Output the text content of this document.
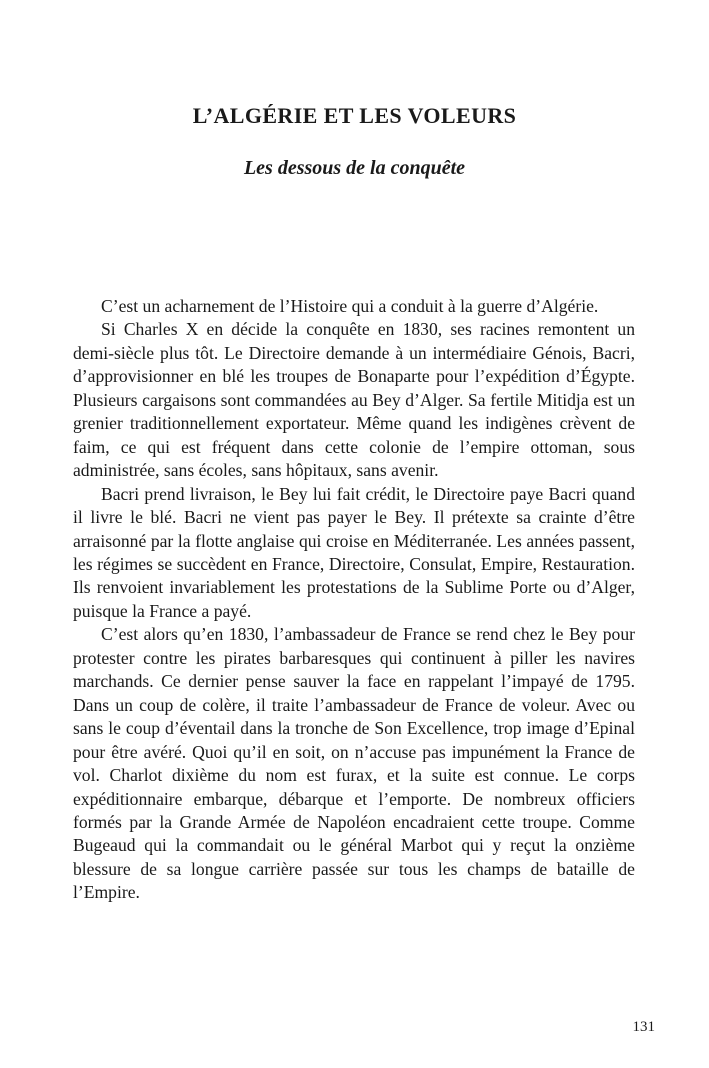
L’ALGÉRIE ET LES VOLEURS
Les dessous de la conquête

C’est un acharnement de l’Histoire qui a conduit à la guerre d’Algérie.

Si Charles X en décide la conquête en 1830, ses racines remontent un demi-siècle plus tôt. Le Directoire demande à un intermédiaire Génois, Bacri, d’approvisionner en blé les troupes de Bonaparte pour l’expédition d’Égypte. Plusieurs cargaisons sont commandées au Bey d’Alger. Sa fertile Mitidja est un grenier traditionnellement exportateur. Même quand les indigènes crèvent de faim, ce qui est fréquent dans cette colonie de l’empire ottoman, sous administrée, sans écoles, sans hôpitaux, sans avenir.

Bacri prend livraison, le Bey lui fait crédit, le Directoire paye Bacri quand il livre le blé. Bacri ne vient pas payer le Bey. Il prétexte sa crainte d’être arraisonné par la flotte anglaise qui croise en Méditerranée. Les années passent, les régimes se succèdent en France, Directoire, Consulat, Empire, Restauration. Ils renvoient invariablement les protestations de la Sublime Porte ou d’Alger, puisque la France a payé.

C’est alors qu’en 1830, l’ambassadeur de France se rend chez le Bey pour protester contre les pirates barbaresques qui continuent à piller les navires marchands. Ce dernier pense sauver la face en rappelant l’impayé de 1795. Dans un coup de colère, il traite l’ambassadeur de France de voleur. Avec ou sans le coup d’éventail dans la tronche de Son Excellence, trop image d’Epinal pour être avéré. Quoi qu’il en soit, on n’accuse pas impunément la France de vol. Charlot dixième du nom est furax, et la suite est connue. Le corps expéditionnaire embarque, débarque et l’emporte. De nombreux officiers formés par la Grande Armée de Napoléon encadraient cette troupe. Comme Bugeaud qui la commandait ou le général Marbot qui y reçut la onzième blessure de sa longue carrière passée sur tous les champs de bataille de l’Empire.

131
